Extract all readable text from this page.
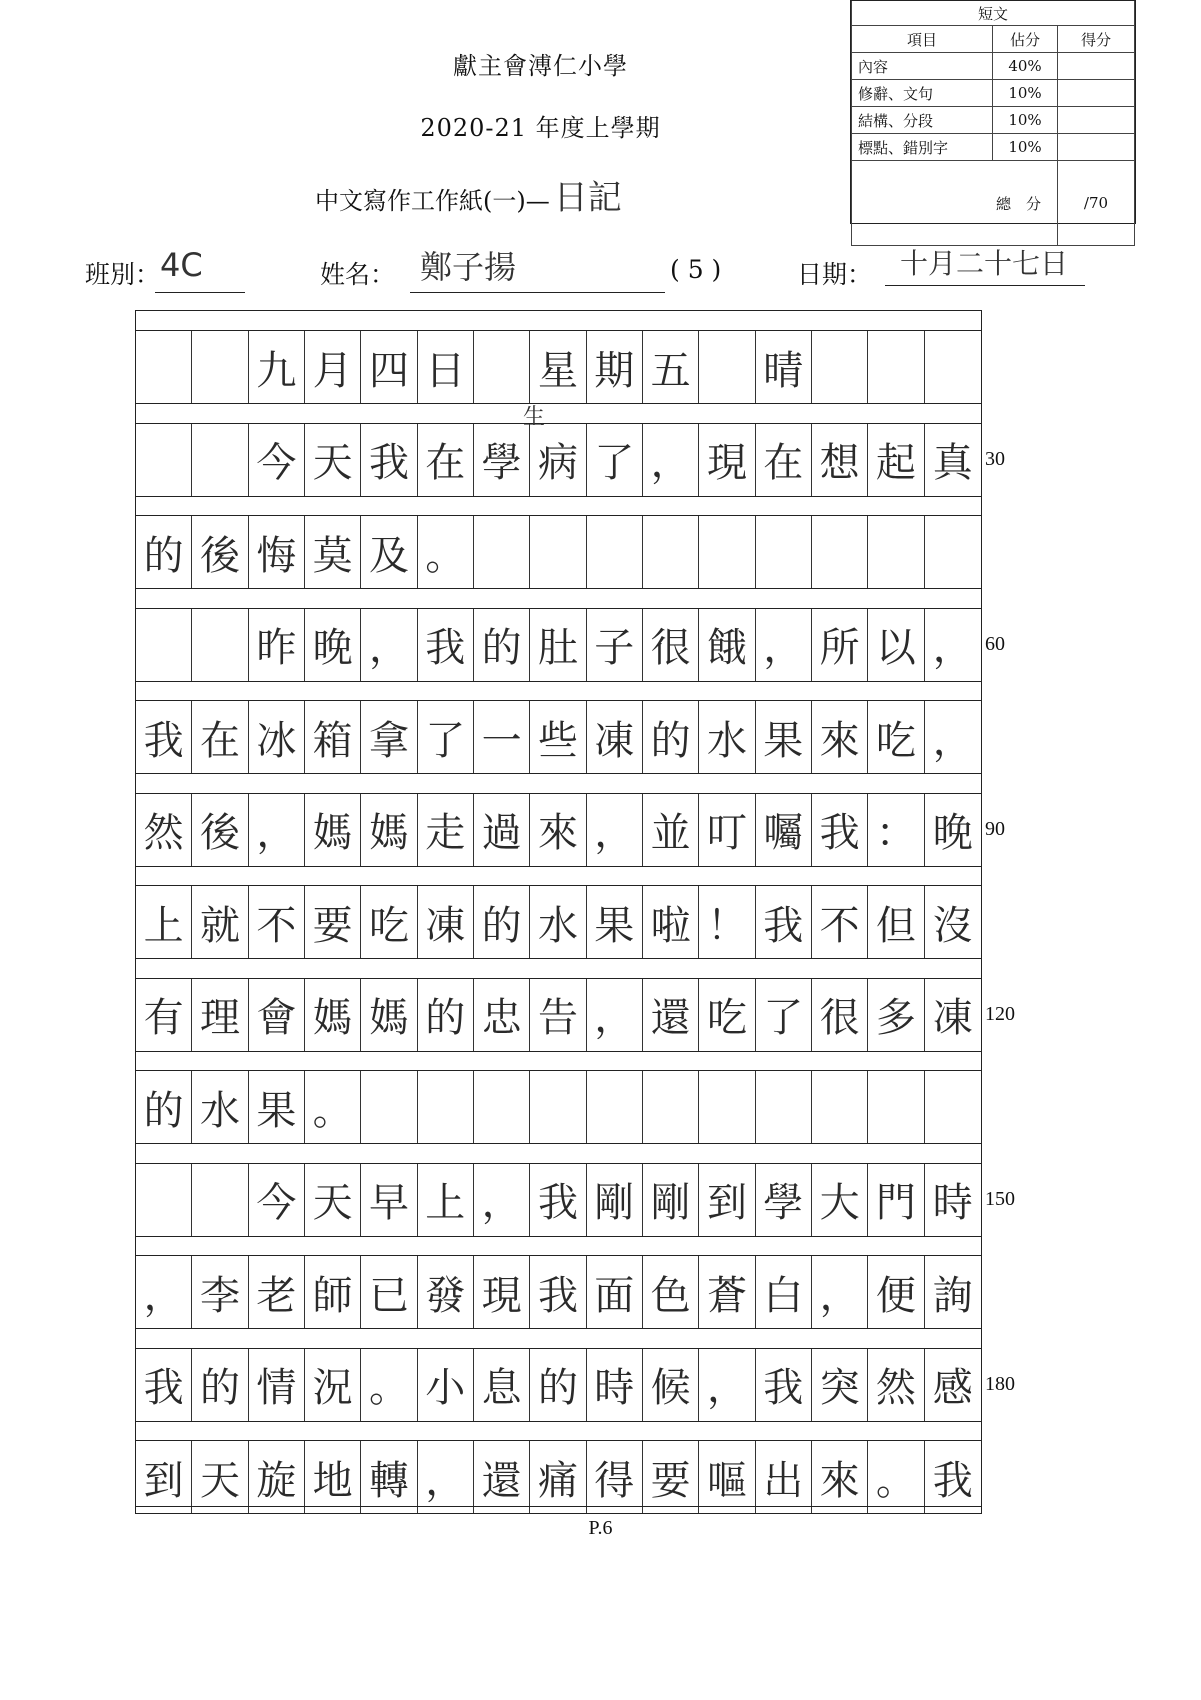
獻主會溥仁小學
2020-21 年度上學期
中文寫作工作紙(一)— 日記
短文		
項目	佔分	得分
內容	40%	
修辭、文句	10%	
結構、分段	10%	
標點、錯別字	10%	
總　分		/70
班別： 4C	姓名： 鄭子揚	( 5 )	日期： 十月二十七日
九 月 四 日 星 期 五 晴
今 天 我 在 學 病 了 ， 現 在 想 起 真 30
的 後 悔 莫 及 。
昨 晚 ， 我 的 肚 子 很 餓 ， 所 以 ， 60
我 在 冰 箱 拿 了 一 些 凍 的 水 果 來 吃 ，
然 後 ， 媽 媽 走 過 來 ， 並 叮 囑 我 ： 晚 90
上 就 不 要 吃 凍 的 水 果 啦 ！ 我 不 但 沒
有 理 會 媽 媽 的 忠 告 ， 還 吃 了 很 多 凍 120
的 水 果 。
今 天 早 上 ， 我 剛 剛 到 學 大 門 時 150
， 李 老 師 已 發 現 我 面 色 蒼 白 ， 便 詢
我 的 情 況 。 小 息 的 時 候 ， 我 突 然 感 180
到 天 旋 地 轉 ， 還 痛 得 要 嘔 出 來 。 我
生
P.6
